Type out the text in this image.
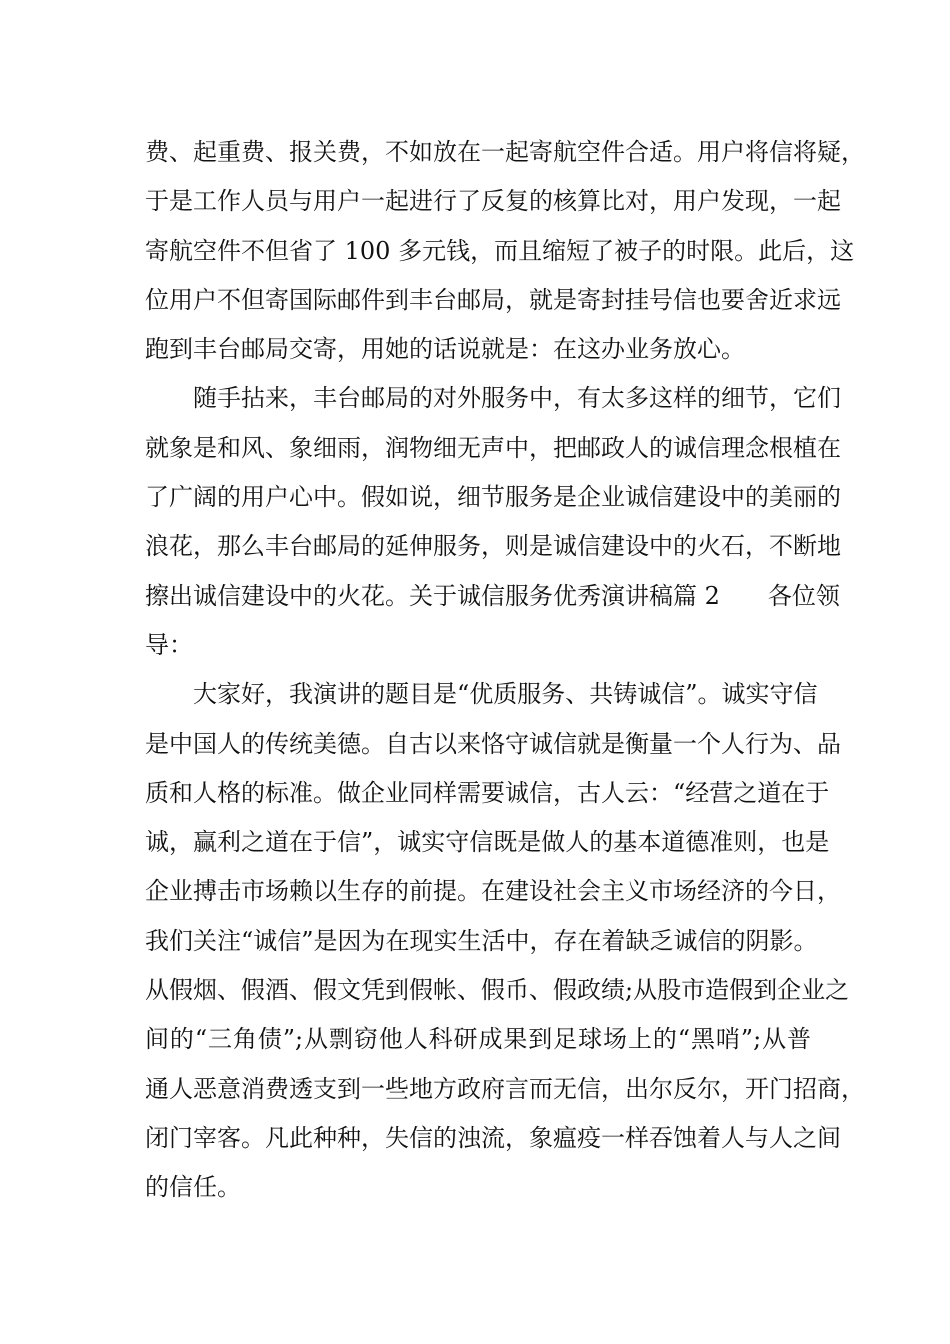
费、起重费、报关费，不如放在一起寄航空件合适。用户将信将疑，
于是工作人员与用户一起进行了反复的核算比对，用户发现，一起
寄航空件不但省了 100 多元钱，而且缩短了被子的时限。此后，这
位用户不但寄国际邮件到丰台邮局，就是寄封挂号信也要舍近求远
跑到丰台邮局交寄，用她的话说就是：在这办业务放心。
随手拈来，丰台邮局的对外服务中，有太多这样的细节，它们
就象是和风、象细雨，润物细无声中，把邮政人的诚信理念根植在
了广阔的用户心中。假如说，细节服务是企业诚信建设中的美丽的
浪花，那么丰台邮局的延伸服务，则是诚信建设中的火石，不断地
擦出诚信建设中的火花。关于诚信服务优秀演讲稿篇 2　　各位领
导：
大家好，我演讲的题目是“优质服务、共铸诚信”。诚实守信
是中国人的传统美德。自古以来恪守诚信就是衡量一个人行为、品
质和人格的标准。做企业同样需要诚信，古人云：“经营之道在于
诚，赢利之道在于信”，诚实守信既是做人的基本道德准则，也是
企业搏击市场赖以生存的前提。在建设社会主义市场经济的今日，
我们关注“诚信”是因为在现实生活中，存在着缺乏诚信的阴影。
从假烟、假酒、假文凭到假帐、假币、假政绩;从股市造假到企业之
间的“三角债”;从剽窃他人科研成果到足球场上的“黑哨”;从普
通人恶意消费透支到一些地方政府言而无信，出尔反尔，开门招商，
闭门宰客。凡此种种，失信的浊流，象瘟疫一样吞蚀着人与人之间
的信任。
